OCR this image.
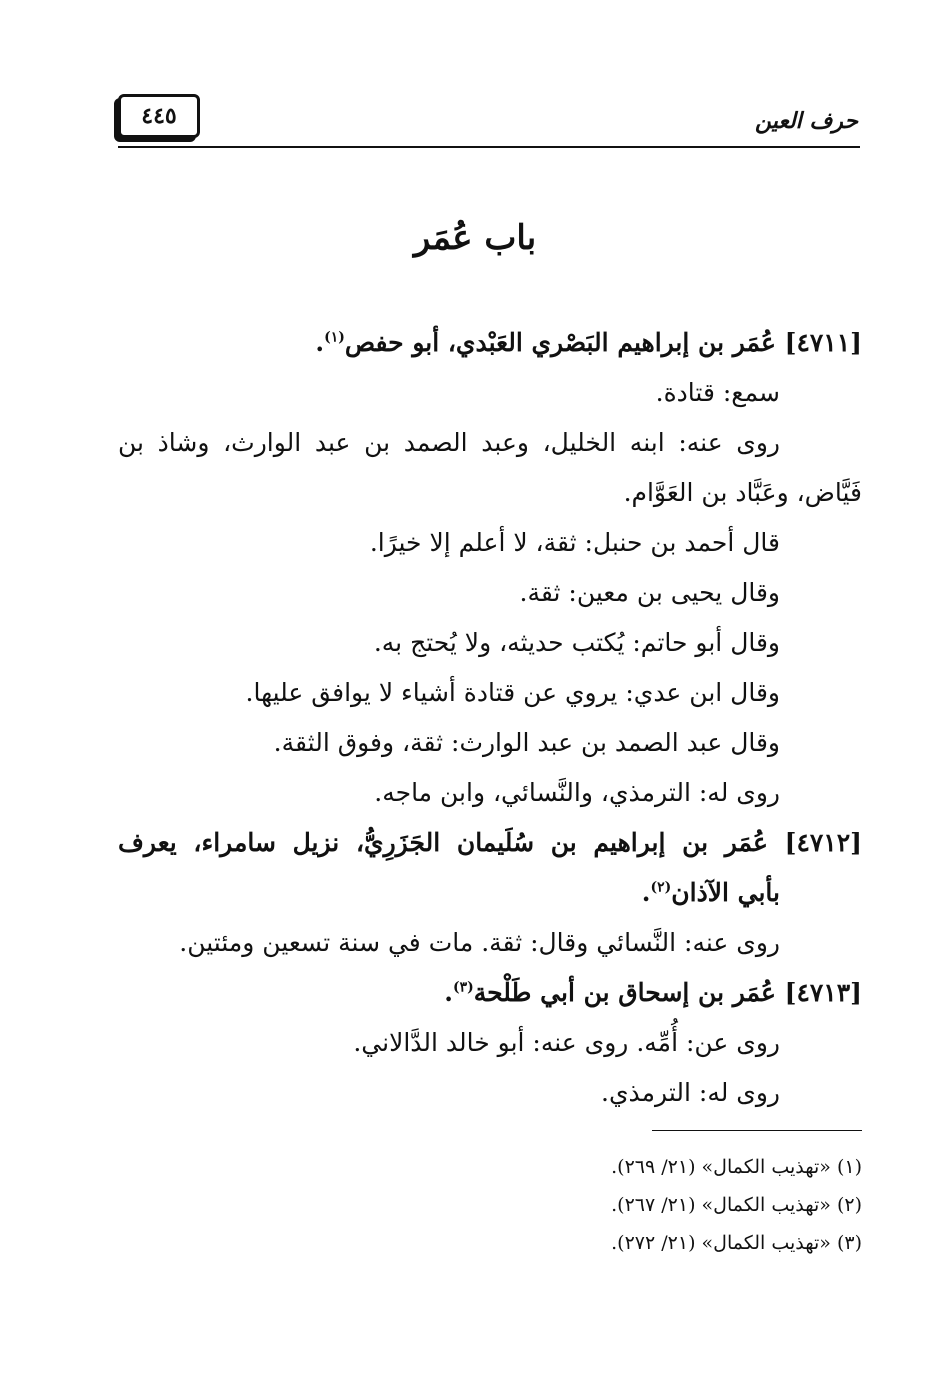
حرف العين
٤٤٥
باب عُمَر
[٤٧١١] عُمَر بن إبراهيم البَصْري العَبْدي، أبو حفص$^{(١)}$.
سمع: قتادة.
روى عنه: ابنه الخليل، وعبد الصمد بن عبد الوارث، وشاذ بن
فَيَّاض، وعَبَّاد بن العَوَّام.
قال أحمد بن حنبل: ثقة، لا أعلم إلا خيرًا.
وقال يحيى بن معين: ثقة.
وقال أبو حاتم: يُكتب حديثه، ولا يُحتج به.
وقال ابن عدي: يروي عن قتادة أشياء لا يوافق عليها.
وقال عبد الصمد بن عبد الوارث: ثقة، وفوق الثقة.
روى له: الترمذي، والنَّسائي، وابن ماجه.
[٤٧١٢] عُمَر بن إبراهيم بن سُلَيمان الجَزَرِيُّ، نزيل سامراء، يعرف
بأبي الآذان$^{(٢)}$.
روى عنه: النَّسائي وقال: ثقة. مات في سنة تسعين ومئتين.
[٤٧١٣] عُمَر بن إسحاق بن أبي طَلْحة$^{(٣)}$.
روى عن: أُمِّه. روى عنه: أبو خالد الدَّالاني.
روى له: الترمذي.
(١) «تهذيب الكمال» (٢١/ ٢٦٩).
(٢) «تهذيب الكمال» (٢١/ ٢٦٧).
(٣) «تهذيب الكمال» (٢١/ ٢٧٢).
